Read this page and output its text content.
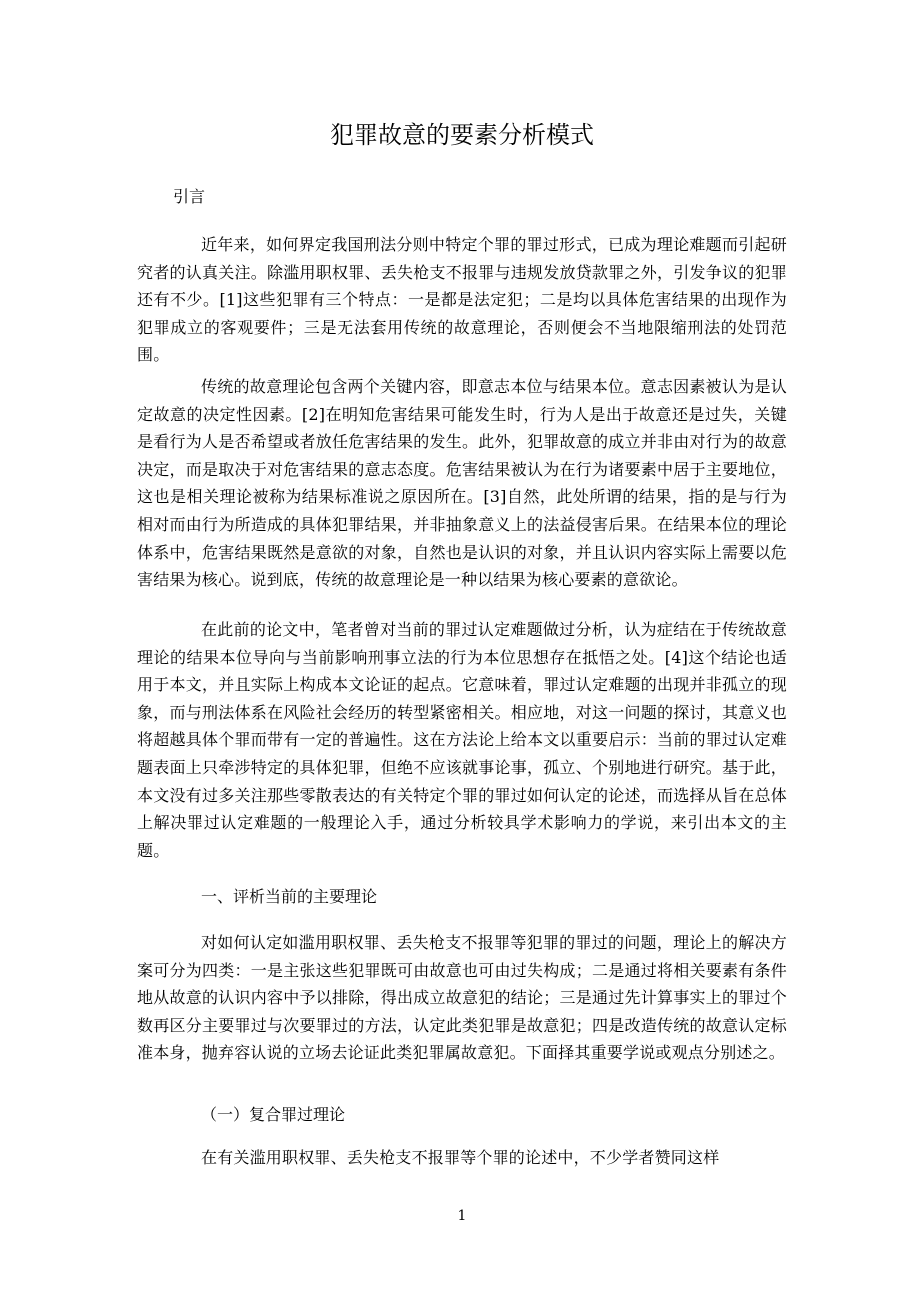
犯罪故意的要素分析模式

引言

近年来，如何界定我国刑法分则中特定个罪的罪过形式，已成为理论难题而引起研究者的认真关注。除滥用职权罪、丢失枪支不报罪与违规发放贷款罪之外，引发争议的犯罪还有不少。[1]这些犯罪有三个特点：一是都是法定犯；二是均以具体危害结果的出现作为犯罪成立的客观要件；三是无法套用传统的故意理论，否则便会不当地限缩刑法的处罚范围。

传统的故意理论包含两个关键内容，即意志本位与结果本位。意志因素被认为是认定故意的决定性因素。[2]在明知危害结果可能发生时，行为人是出于故意还是过失，关键是看行为人是否希望或者放任危害结果的发生。此外，犯罪故意的成立并非由对行为的故意决定，而是取决于对危害结果的意志态度。危害结果被认为在行为诸要素中居于主要地位，这也是相关理论被称为结果标准说之原因所在。[3]自然，此处所谓的结果，指的是与行为相对而由行为所造成的具体犯罪结果，并非抽象意义上的法益侵害后果。在结果本位的理论体系中，危害结果既然是意欲的对象，自然也是认识的对象，并且认识内容实际上需要以危害结果为核心。说到底，传统的故意理论是一种以结果为核心要素的意欲论。

在此前的论文中，笔者曾对当前的罪过认定难题做过分析，认为症结在于传统故意理论的结果本位导向与当前影响刑事立法的行为本位思想存在抵悟之处。[4]这个结论也适用于本文，并且实际上构成本文论证的起点。它意味着，罪过认定难题的出现并非孤立的现象，而与刑法体系在风险社会经历的转型紧密相关。相应地，对这一问题的探讨，其意义也将超越具体个罪而带有一定的普遍性。这在方法论上给本文以重要启示：当前的罪过认定难题表面上只牵涉特定的具体犯罪，但绝不应该就事论事，孤立、个别地进行研究。基于此，本文没有过多关注那些零散表达的有关特定个罪的罪过如何认定的论述，而选择从旨在总体上解决罪过认定难题的一般理论入手，通过分析较具学术影响力的学说，来引出本文的主题。

一、评析当前的主要理论

对如何认定如滥用职权罪、丢失枪支不报罪等犯罪的罪过的问题，理论上的解决方案可分为四类：一是主张这些犯罪既可由故意也可由过失构成；二是通过将相关要素有条件地从故意的认识内容中予以排除，得出成立故意犯的结论；三是通过先计算事实上的罪过个数再区分主要罪过与次要罪过的方法，认定此类犯罪是故意犯；四是改造传统的故意认定标准本身，抛弃容认说的立场去论证此类犯罪属故意犯。下面择其重要学说或观点分别述之。

（一）复合罪过理论

在有关滥用职权罪、丢失枪支不报罪等个罪的论述中，不少学者赞同这样

1
